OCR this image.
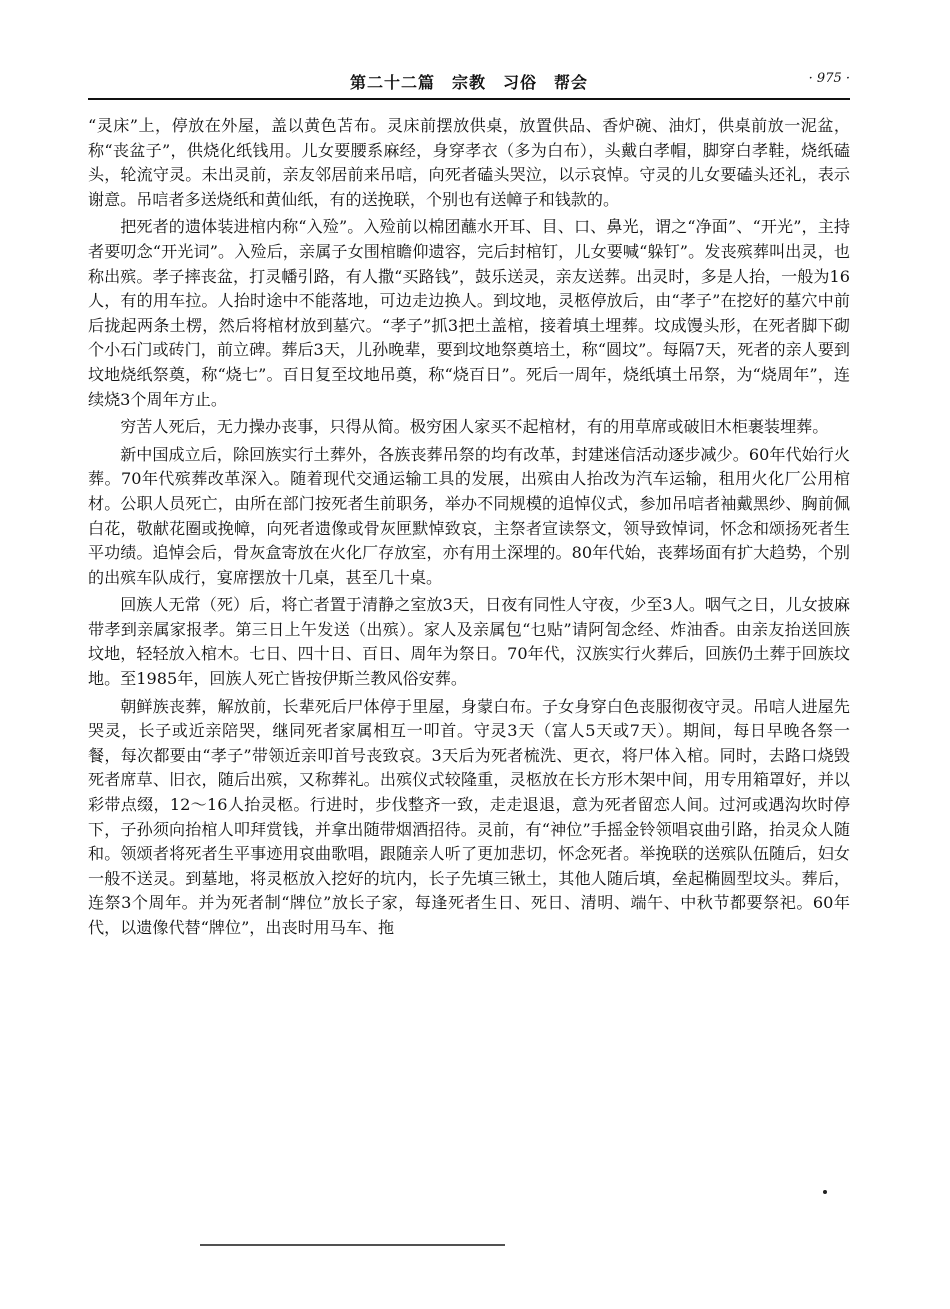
第二十二篇　宗教　习俗　帮会	· 975 ·

“灵床”上，停放在外屋，盖以黄色苫布。灵床前摆放供桌，放置供品、香炉碗、油灯，供桌前放一泥盆，称“丧盆子”，供烧化纸钱用。儿女要腰系麻经，身穿孝衣（多为白布），头戴白孝帽，脚穿白孝鞋，烧纸磕头，轮流守灵。未出灵前，亲友邻居前来吊唁，向死者磕头哭泣，以示哀悼。守灵的儿女要磕头还礼，表示谢意。吊唁者多送烧纸和黄仙纸，有的送挽联，个别也有送幛子和钱款的。

把死者的遗体装进棺内称“入殓”。入殓前以棉团蘸水开耳、目、口、鼻光，谓之“净面”、“开光”，主持者要叨念“开光词”。入殓后，亲属子女围棺瞻仰遗容，完后封棺钉，儿女要喊“躲钉”。发丧殡葬叫出灵，也称出殡。孝子摔丧盆，打灵幡引路，有人撒“买路钱”，鼓乐送灵，亲友送葬。出灵时，多是人抬，一般为16人，有的用车拉。人抬时途中不能落地，可边走边换人。到坟地，灵柩停放后，由“孝子”在挖好的墓穴中前后拢起两条土楞，然后将棺材放到墓穴。“孝子”抓3把土盖棺，接着填土埋葬。坟成馒头形，在死者脚下砌个小石门或砖门，前立碑。葬后3天，儿孙晚辈，要到坟地祭奠培土，称“圆坟”。每隔7天，死者的亲人要到坟地烧纸祭奠，称“烧七”。百日复至坟地吊奠，称“烧百日”。死后一周年，烧纸填土吊祭，为“烧周年”，连续烧3个周年方止。

穷苦人死后，无力操办丧事，只得从简。极穷困人家买不起棺材，有的用草席或破旧木柜裹装埋葬。

新中国成立后，除回族实行土葬外，各族丧葬吊祭的均有改革，封建迷信活动逐步减少。60年代始行火葬。70年代殡葬改革深入。随着现代交通运输工具的发展，出殡由人抬改为汽车运输，租用火化厂公用棺材。公职人员死亡，由所在部门按死者生前职务，举办不同规模的追悼仪式，参加吊唁者袖戴黑纱、胸前佩白花，敬献花圈或挽幛，向死者遗像或骨灰匣默悼致哀，主祭者宣读祭文，领导致悼词，怀念和颂扬死者生平功绩。追悼会后，骨灰盒寄放在火化厂存放室，亦有用土深埋的。80年代始，丧葬场面有扩大趋势，个别的出殡车队成行，宴席摆放十几桌，甚至几十桌。

回族人无常（死）后，将亡者置于清静之室放3天，日夜有同性人守夜，少至3人。咽气之日，儿女披麻带孝到亲属家报孝。第三日上午发送（出殡）。家人及亲属包“乜贴”请阿訇念经、炸油香。由亲友抬送回族坟地，轻轻放入棺木。七日、四十日、百日、周年为祭日。70年代，汉族实行火葬后，回族仍土葬于回族坟地。至1985年，回族人死亡皆按伊斯兰教风俗安葬。

朝鲜族丧葬，解放前，长辈死后尸体停于里屋，身蒙白布。子女身穿白色丧服彻夜守灵。吊唁人进屋先哭灵，长子或近亲陪哭，继同死者家属相互一叩首。守灵3天（富人5天或7天）。期间，每日早晚各祭一餐，每次都要由“孝子”带领近亲叩首号丧致哀。3天后为死者梳洗、更衣，将尸体入棺。同时，去路口烧毁死者席草、旧衣，随后出殡，又称葬礼。出殡仪式较隆重，灵柩放在长方形木架中间，用专用箱罩好，并以彩带点缀，12～16人抬灵柩。行进时，步伐整齐一致，走走退退，意为死者留恋人间。过河或遇沟坎时停下，子孙须向抬棺人叩拜赏钱，并拿出随带烟酒招待。灵前，有“神位”手摇金铃领唱哀曲引路，抬灵众人随和。领颂者将死者生平事迹用哀曲歌唱，跟随亲人听了更加悲切，怀念死者。举挽联的送殡队伍随后，妇女一般不送灵。到墓地，将灵柩放入挖好的坑内，长子先填三锹土，其他人随后填，垒起椭圆型坟头。葬后，连祭3个周年。并为死者制“牌位”放长子家，每逢死者生日、死日、清明、端午、中秋节都要祭祀。60年代，以遗像代替“牌位”，出丧时用马车、拖
